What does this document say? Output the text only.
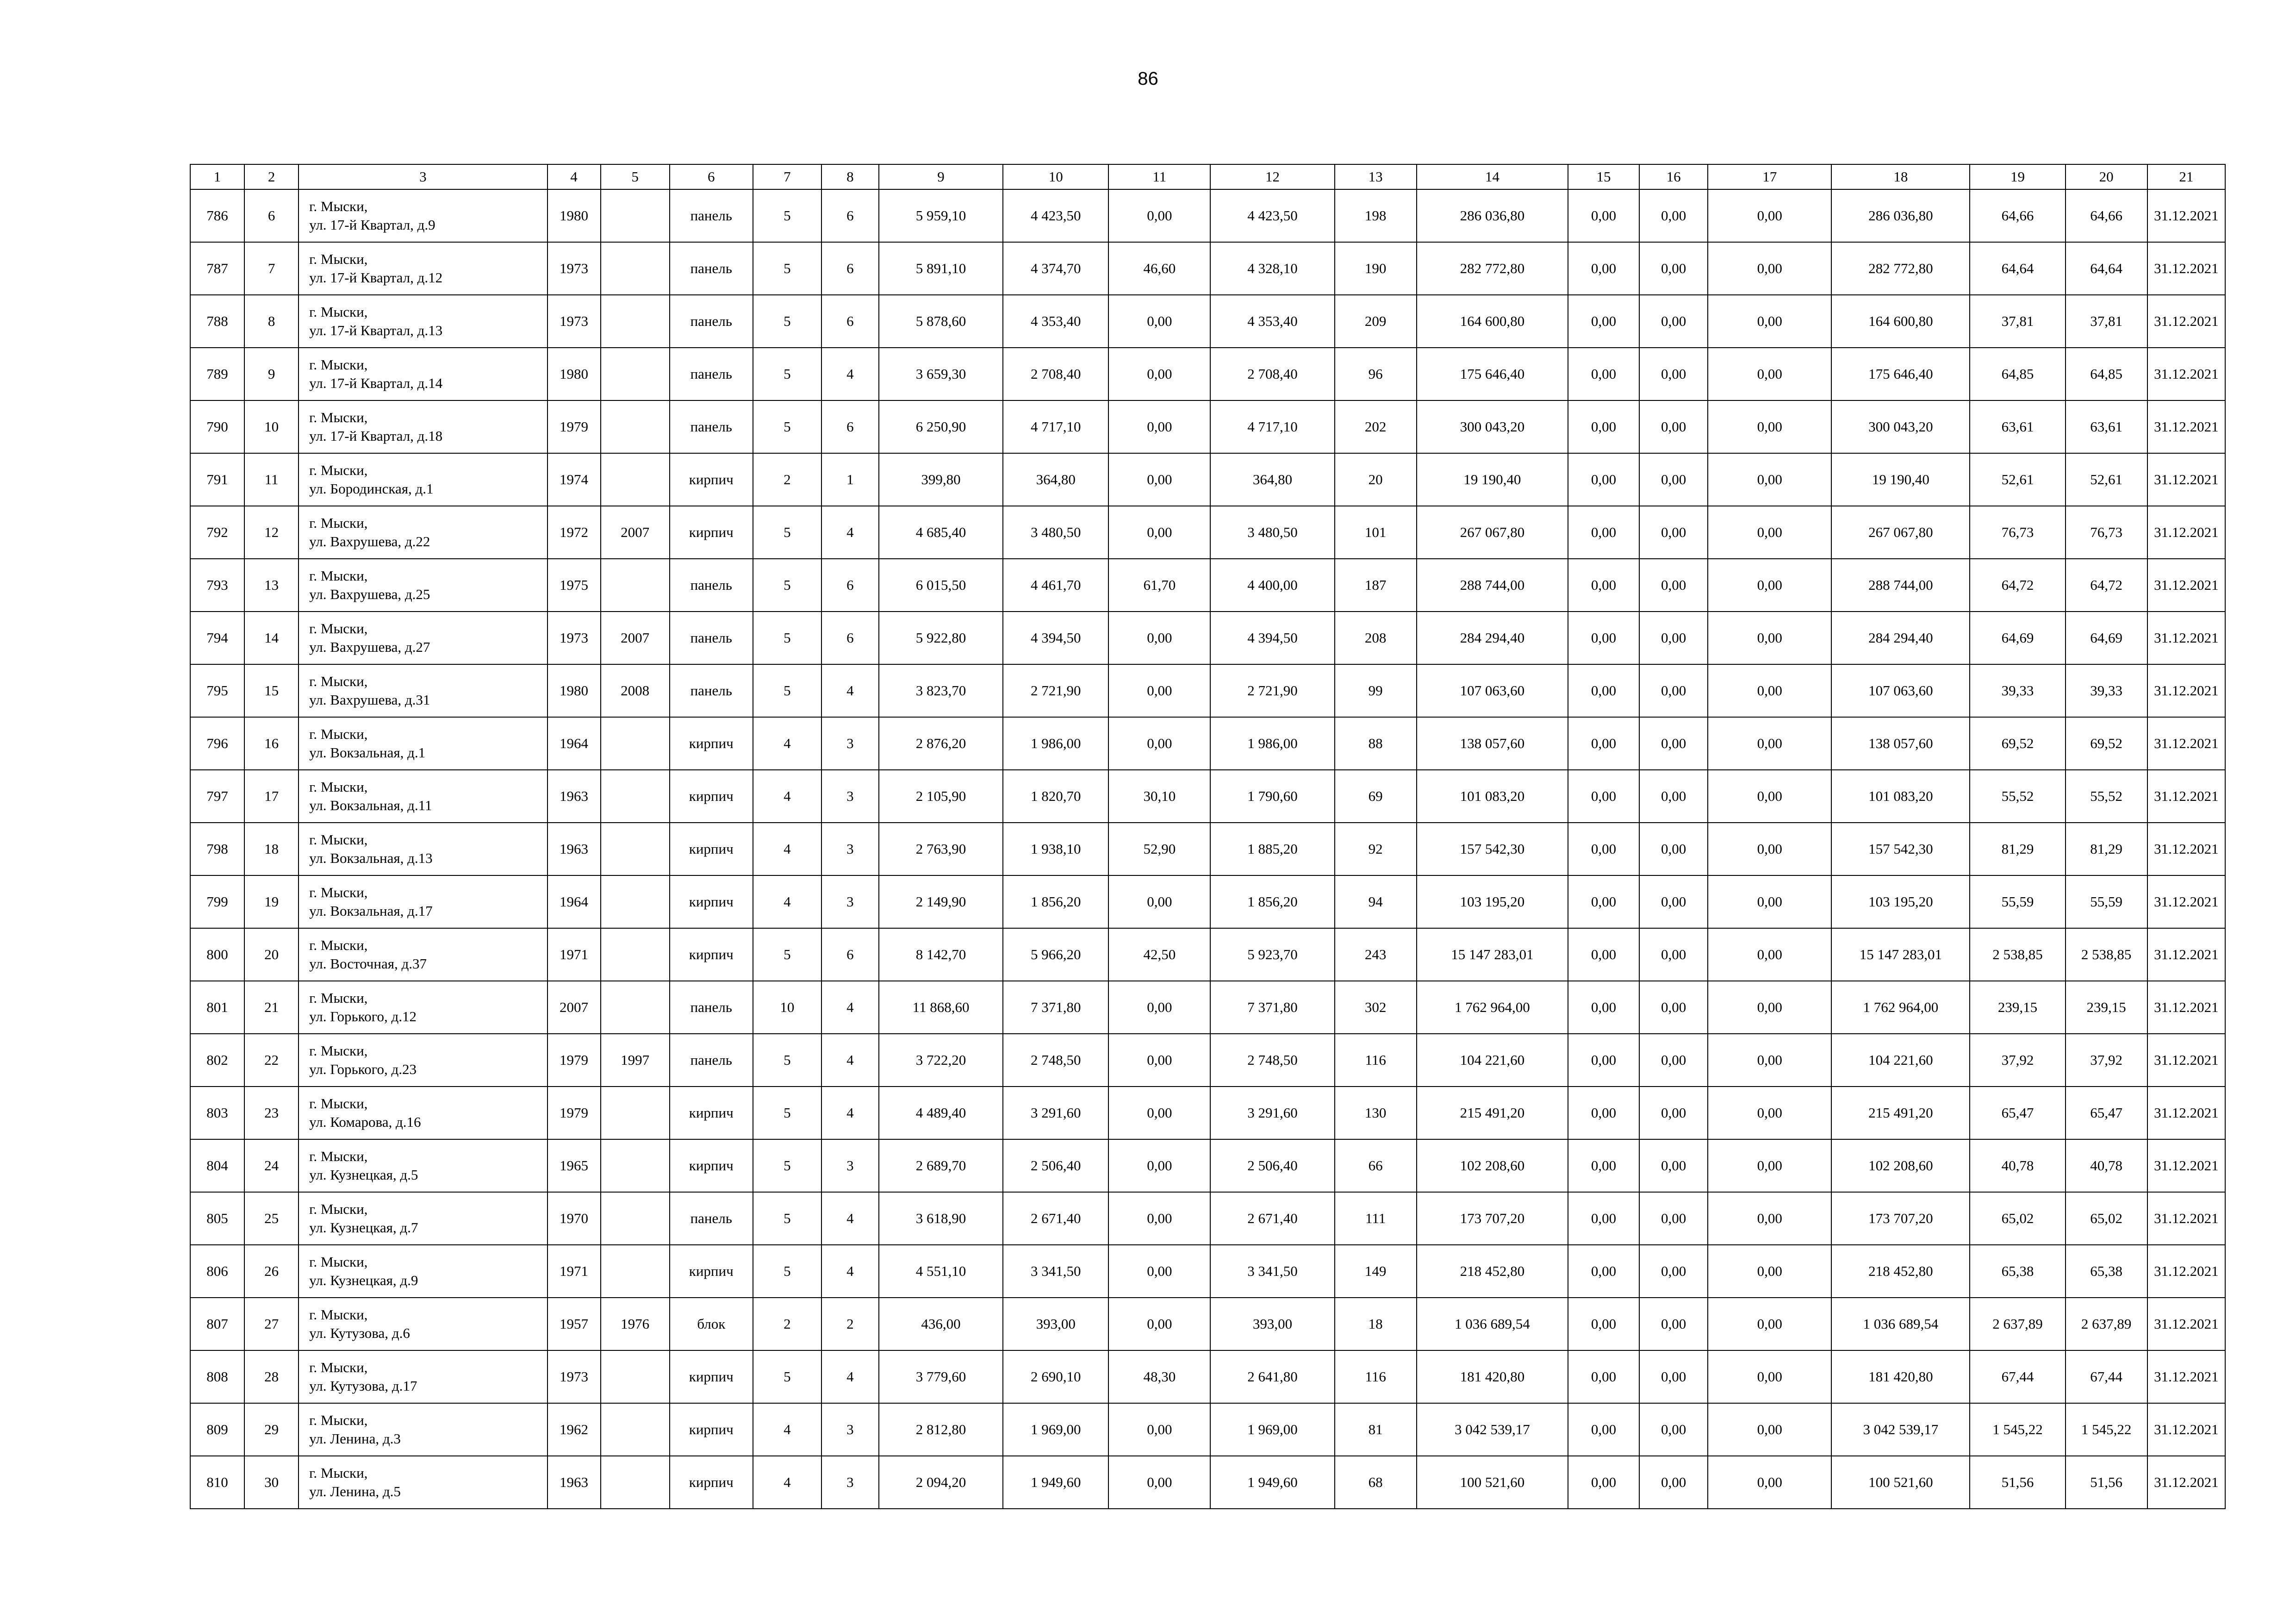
86
1	2	3	4	5	6	7	8	9	10	11	12	13	14	15	16	17	18	19	20	21
786	6	г. Мыски,
ул. 17-й Квартал, д.9	1980		панель	5	6	5 959,10	4 423,50	0,00	4 423,50	198	286 036,80	0,00	0,00	0,00	286 036,80	64,66	64,66	31.12.2021
787	7	г. Мыски,
ул. 17-й Квартал, д.12	1973		панель	5	6	5 891,10	4 374,70	46,60	4 328,10	190	282 772,80	0,00	0,00	0,00	282 772,80	64,64	64,64	31.12.2021
788	8	г. Мыски,
ул. 17-й Квартал, д.13	1973		панель	5	6	5 878,60	4 353,40	0,00	4 353,40	209	164 600,80	0,00	0,00	0,00	164 600,80	37,81	37,81	31.12.2021
789	9	г. Мыски,
ул. 17-й Квартал, д.14	1980		панель	5	4	3 659,30	2 708,40	0,00	2 708,40	96	175 646,40	0,00	0,00	0,00	175 646,40	64,85	64,85	31.12.2021
790	10	г. Мыски,
ул. 17-й Квартал, д.18	1979		панель	5	6	6 250,90	4 717,10	0,00	4 717,10	202	300 043,20	0,00	0,00	0,00	300 043,20	63,61	63,61	31.12.2021
791	11	г. Мыски,
ул. Бородинская, д.1	1974		кирпич	2	1	399,80	364,80	0,00	364,80	20	19 190,40	0,00	0,00	0,00	19 190,40	52,61	52,61	31.12.2021
792	12	г. Мыски,
ул. Вахрушева, д.22	1972	2007	кирпич	5	4	4 685,40	3 480,50	0,00	3 480,50	101	267 067,80	0,00	0,00	0,00	267 067,80	76,73	76,73	31.12.2021
793	13	г. Мыски,
ул. Вахрушева, д.25	1975		панель	5	6	6 015,50	4 461,70	61,70	4 400,00	187	288 744,00	0,00	0,00	0,00	288 744,00	64,72	64,72	31.12.2021
794	14	г. Мыски,
ул. Вахрушева, д.27	1973	2007	панель	5	6	5 922,80	4 394,50	0,00	4 394,50	208	284 294,40	0,00	0,00	0,00	284 294,40	64,69	64,69	31.12.2021
795	15	г. Мыски,
ул. Вахрушева, д.31	1980	2008	панель	5	4	3 823,70	2 721,90	0,00	2 721,90	99	107 063,60	0,00	0,00	0,00	107 063,60	39,33	39,33	31.12.2021
796	16	г. Мыски,
ул. Вокзальная, д.1	1964		кирпич	4	3	2 876,20	1 986,00	0,00	1 986,00	88	138 057,60	0,00	0,00	0,00	138 057,60	69,52	69,52	31.12.2021
797	17	г. Мыски,
ул. Вокзальная, д.11	1963		кирпич	4	3	2 105,90	1 820,70	30,10	1 790,60	69	101 083,20	0,00	0,00	0,00	101 083,20	55,52	55,52	31.12.2021
798	18	г. Мыски,
ул. Вокзальная, д.13	1963		кирпич	4	3	2 763,90	1 938,10	52,90	1 885,20	92	157 542,30	0,00	0,00	0,00	157 542,30	81,29	81,29	31.12.2021
799	19	г. Мыски,
ул. Вокзальная, д.17	1964		кирпич	4	3	2 149,90	1 856,20	0,00	1 856,20	94	103 195,20	0,00	0,00	0,00	103 195,20	55,59	55,59	31.12.2021
800	20	г. Мыски,
ул. Восточная, д.37	1971		кирпич	5	6	8 142,70	5 966,20	42,50	5 923,70	243	15 147 283,01	0,00	0,00	0,00	15 147 283,01	2 538,85	2 538,85	31.12.2021
801	21	г. Мыски,
ул. Горького, д.12	2007		панель	10	4	11 868,60	7 371,80	0,00	7 371,80	302	1 762 964,00	0,00	0,00	0,00	1 762 964,00	239,15	239,15	31.12.2021
802	22	г. Мыски,
ул. Горького, д.23	1979	1997	панель	5	4	3 722,20	2 748,50	0,00	2 748,50	116	104 221,60	0,00	0,00	0,00	104 221,60	37,92	37,92	31.12.2021
803	23	г. Мыски,
ул. Комарова, д.16	1979		кирпич	5	4	4 489,40	3 291,60	0,00	3 291,60	130	215 491,20	0,00	0,00	0,00	215 491,20	65,47	65,47	31.12.2021
804	24	г. Мыски,
ул. Кузнецкая, д.5	1965		кирпич	5	3	2 689,70	2 506,40	0,00	2 506,40	66	102 208,60	0,00	0,00	0,00	102 208,60	40,78	40,78	31.12.2021
805	25	г. Мыски,
ул. Кузнецкая, д.7	1970		панель	5	4	3 618,90	2 671,40	0,00	2 671,40	111	173 707,20	0,00	0,00	0,00	173 707,20	65,02	65,02	31.12.2021
806	26	г. Мыски,
ул. Кузнецкая, д.9	1971		кирпич	5	4	4 551,10	3 341,50	0,00	3 341,50	149	218 452,80	0,00	0,00	0,00	218 452,80	65,38	65,38	31.12.2021
807	27	г. Мыски,
ул. Кутузова, д.6	1957	1976	блок	2	2	436,00	393,00	0,00	393,00	18	1 036 689,54	0,00	0,00	0,00	1 036 689,54	2 637,89	2 637,89	31.12.2021
808	28	г. Мыски,
ул. Кутузова, д.17	1973		кирпич	5	4	3 779,60	2 690,10	48,30	2 641,80	116	181 420,80	0,00	0,00	0,00	181 420,80	67,44	67,44	31.12.2021
809	29	г. Мыски,
ул. Ленина, д.3	1962		кирпич	4	3	2 812,80	1 969,00	0,00	1 969,00	81	3 042 539,17	0,00	0,00	0,00	3 042 539,17	1 545,22	1 545,22	31.12.2021
810	30	г. Мыски,
ул. Ленина, д.5	1963		кирпич	4	3	2 094,20	1 949,60	0,00	1 949,60	68	100 521,60	0,00	0,00	0,00	100 521,60	51,56	51,56	31.12.2021
